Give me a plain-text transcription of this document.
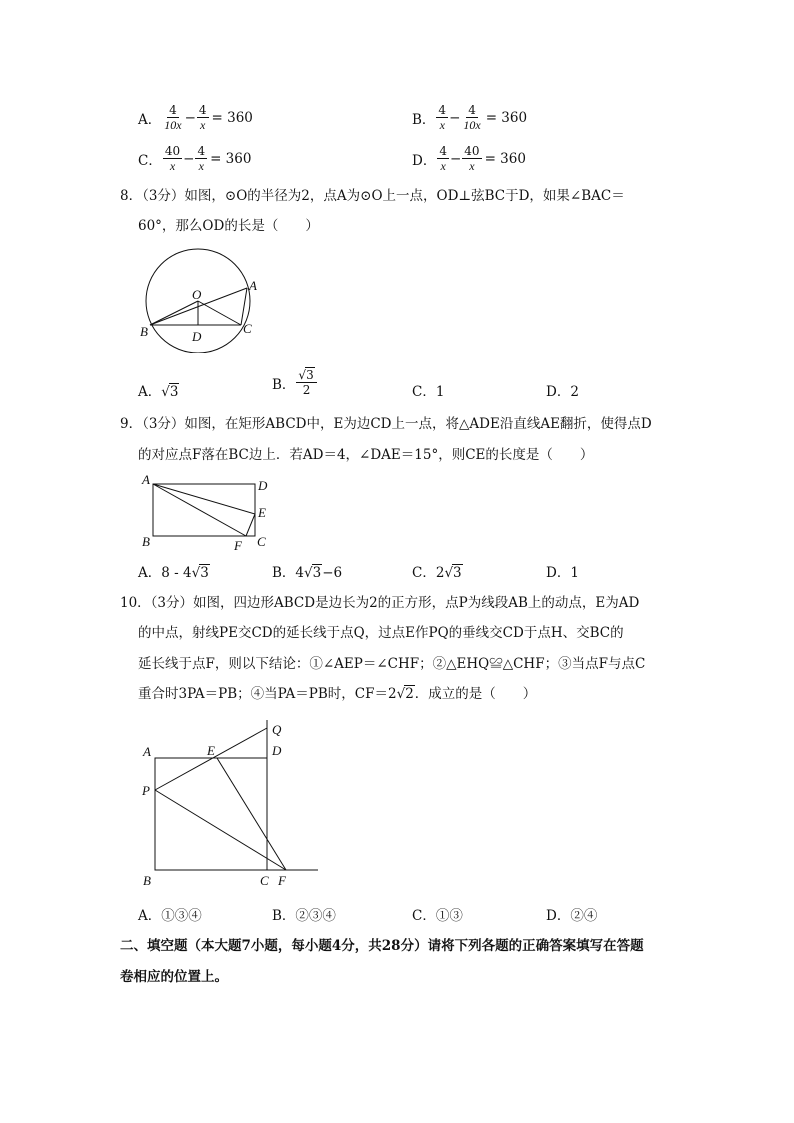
A． $\frac{4}{10x} - \frac{4}{x} = 360$	B． $\frac{4}{x} - \frac{4}{10x} = 360$
C． $\frac{40}{x} - \frac{4}{x} = 360$	D． $\frac{4}{x} - \frac{40}{x} = 360$
8．（3分）如图，⊙O的半径为2，点A为⊙O上一点，OD⊥弦BC于D，如果∠BAC＝
60°，那么OD的长是（　　）
O
A
B	C
D
A．√3	B． $\frac{√3}{2}$	C．1	D．2
9．（3分）如图，在矩形ABCD中，E为边CD上一点，将△ADE沿直线AE翻折，使得点D
的对应点F落在BC边上．若AD＝4，∠DAE＝15°，则CE的长度是（　　）
A	D
E
B	F C
A．8 - 4√3	B．4√3−6	C．2√3	D．1
10．（3分）如图，四边形ABCD是边长为2的正方形，点P为线段AB上的动点，E为AD
的中点，射线PE交CD的延长线于点Q，过点E作PQ的垂线交CD于点H、交BC的
延长线于点F，则以下结论：①∠AEP＝∠CHF；②△EHQ≌△CHF；③当点F与点C
重合时3PA＝PB；④当PA＝PB时，CF＝2√2．成立的是（　　）
Q
A	E	D
P
B	C F
A．①③④	B．②③④	C．①③	D．②④
二、填空题（本大题7小题，每小题4分，共28分）请将下列各题的正确答案填写在答题
卷相应的位置上。
